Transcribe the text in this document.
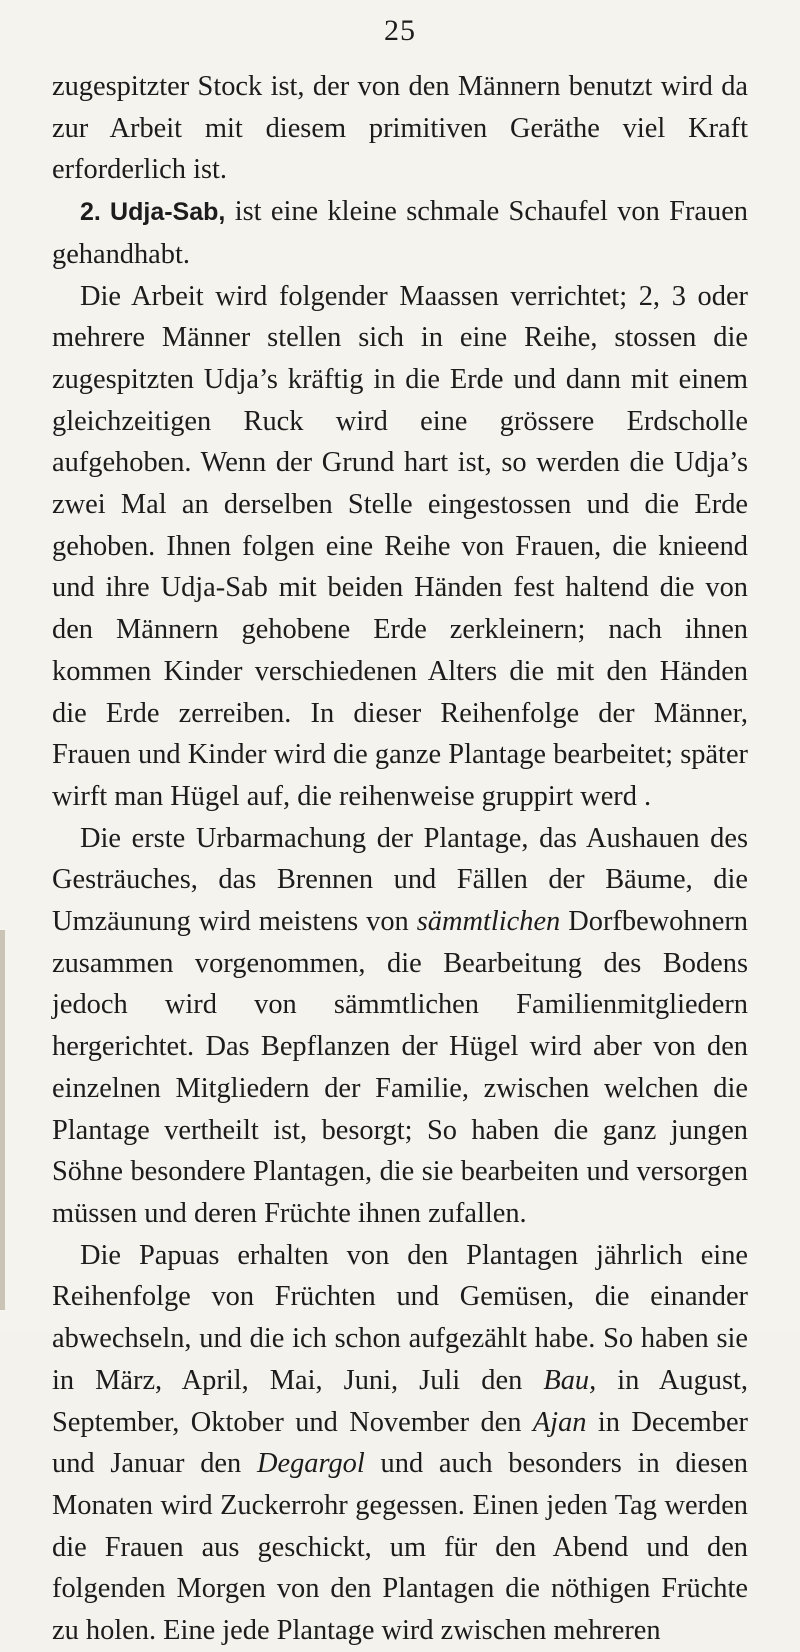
25

zugespitzter Stock ist, der von den Männern benutzt wird da zur Arbeit mit diesem primitiven Geräthe viel Kraft erforderlich ist.

2. Udja-Sab, ist eine kleine schmale Schaufel von Frauen gehandhabt.

Die Arbeit wird folgender Maassen verrichtet; 2, 3 oder mehrere Männer stellen sich in eine Reihe, stossen die zugespitzten Udja’s kräftig in die Erde und dann mit einem gleichzeitigen Ruck wird eine grössere Erdscholle aufgehoben. Wenn der Grund hart ist, so werden die Udja’s zwei Mal an derselben Stelle eingestossen und die Erde gehoben. Ihnen folgen eine Reihe von Frauen, die knieend und ihre Udja-Sab mit beiden Händen fest haltend die von den Männern gehobene Erde zerkleinern; nach ihnen kommen Kinder verschiedenen Alters die mit den Händen die Erde zerreiben. In dieser Reihenfolge der Männer, Frauen und Kinder wird die ganze Plantage bearbeitet; später wirft man Hügel auf, die reihenweise gruppirt werd .

Die erste Urbarmachung der Plantage, das Aushauen des Gesträuches, das Brennen und Fällen der Bäume, die Umzäunung wird meistens von sämmtlichen Dorfbewohnern zusammen vorgenommen, die Bearbeitung des Bodens jedoch wird von sämmtlichen Familienmitgliedern hergerichtet. Das Bepflanzen der Hügel wird aber von den einzelnen Mitgliedern der Familie, zwischen welchen die Plantage vertheilt ist, besorgt; So haben die ganz jungen Söhne besondere Plantagen, die sie bearbeiten und versorgen müssen und deren Früchte ihnen zufallen.

Die Papuas erhalten von den Plantagen jährlich eine Reihenfolge von Früchten und Gemüsen, die einander abwechseln, und die ich schon aufgezählt habe. So haben sie in März, April, Mai, Juni, Juli den Bau, in August, September, Oktober und November den Ajan in December und Januar den Degargol und auch besonders in diesen Monaten wird Zuckerrohr gegessen. Einen jeden Tag werden die Frauen aus geschickt, um für den Abend und den folgenden Morgen von den Plantagen die nöthigen Früchte zu holen. Eine jede Plantage wird zwischen mehreren
